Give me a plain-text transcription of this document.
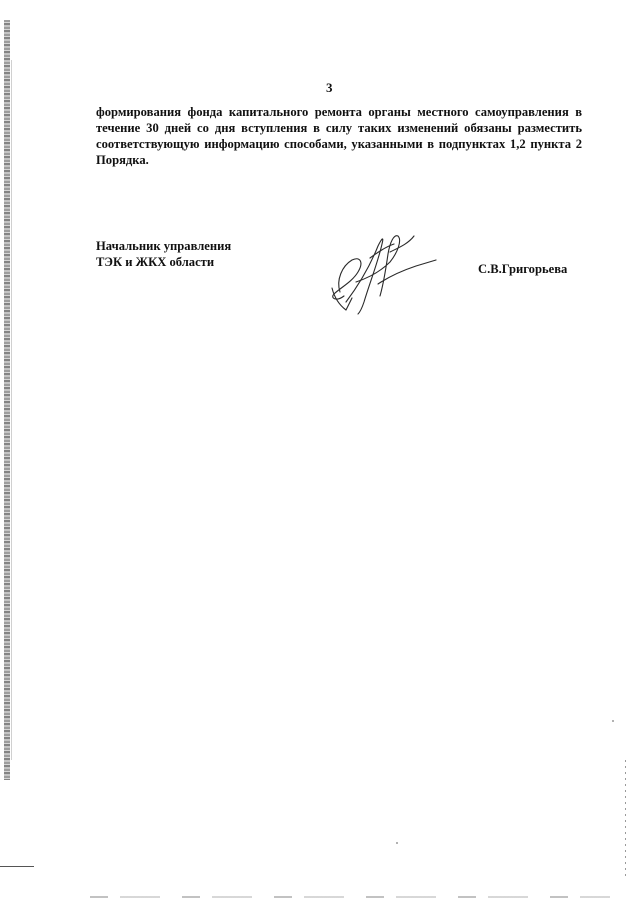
3

формирования фонда капитального ремонта органы местного самоуправления в течение 30 дней со дня вступления в силу таких изменений обязаны разместить соответствующую информацию способами, указанными в подпунктах 1,2 пункта 2 Порядка.

Начальник управления
ТЭК и ЖКХ области	С.В.Григорьева
